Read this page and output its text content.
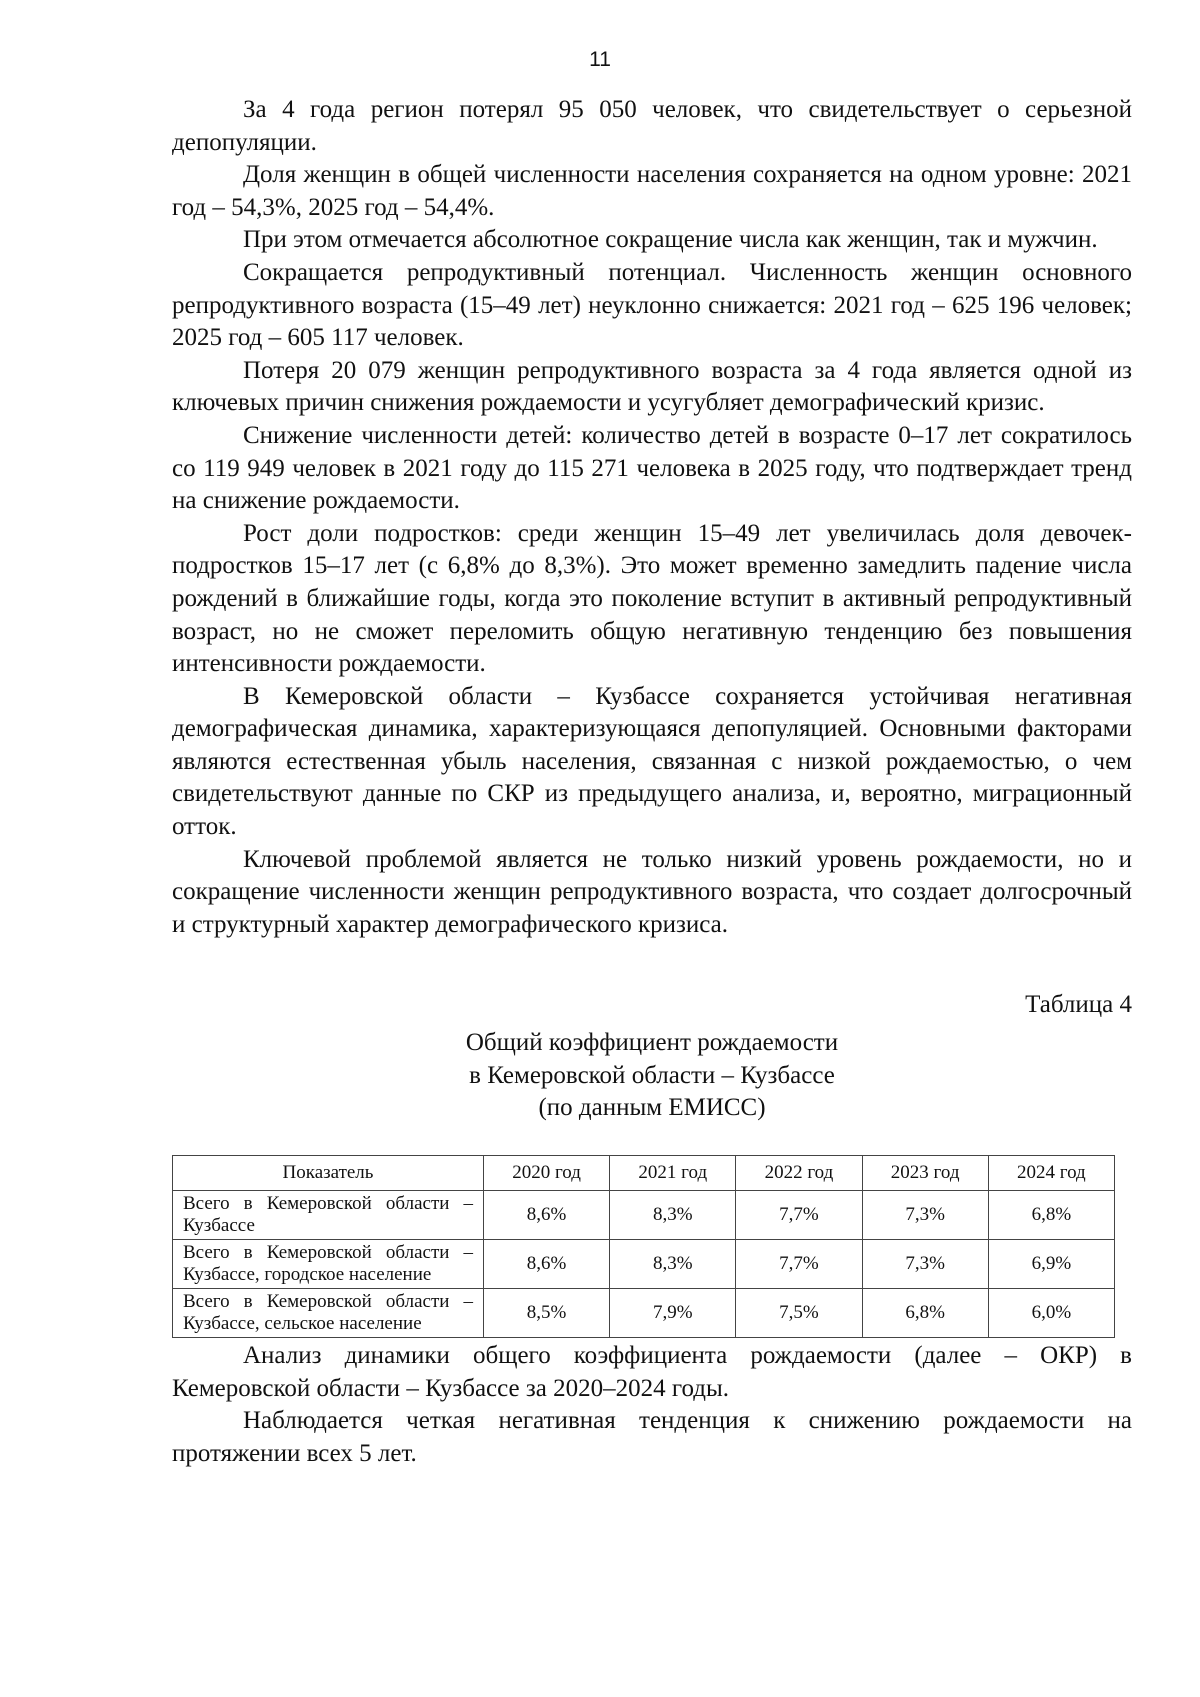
11

За 4 года регион потерял 95 050 человек, что свидетельствует о серьезной депопуляции.

Доля женщин в общей численности населения сохраняется на одном уровне: 2021 год – 54,3%, 2025 год – 54,4%.

При этом отмечается абсолютное сокращение числа как женщин, так и мужчин.

Сокращается репродуктивный потенциал. Численность женщин основного репродуктивного возраста (15–49 лет) неуклонно снижается: 2021 год – 625 196 человек; 2025 год – 605 117 человек.

Потеря 20 079 женщин репродуктивного возраста за 4 года является одной из ключевых причин снижения рождаемости и усугубляет демографический кризис.

Снижение численности детей: количество детей в возрасте 0–17 лет сократилось со 119 949 человек в 2021 году до 115 271 человека в 2025 году, что подтверждает тренд на снижение рождаемости.

Рост доли подростков: среди женщин 15–49 лет увеличилась доля девочек-подростков 15–17 лет (с 6,8% до 8,3%). Это может временно замедлить падение числа рождений в ближайшие годы, когда это поколение вступит в активный репродуктивный возраст, но не сможет переломить общую негативную тенденцию без повышения интенсивности рождаемости.

В Кемеровской области – Кузбассе сохраняется устойчивая негативная демографическая динамика, характеризующаяся депопуляцией. Основными факторами являются естественная убыль населения, связанная с низкой рождаемостью, о чем свидетельствуют данные по СКР из предыдущего анализа, и, вероятно, миграционный отток.

Ключевой проблемой является не только низкий уровень рождаемости, но и сокращение численности женщин репродуктивного возраста, что создает долгосрочный и структурный характер демографического кризиса.

Таблица 4

Общий коэффициент рождаемости
в Кемеровской области – Кузбассе
(по данным ЕМИСС)
Показатель	2020 год	2021 год	2022 год	2023 год	2024 год
Всего в Кемеровской области –Кузбассе	8,6%	8,3%	7,7%	7,3%	6,8%
Всего в Кемеровской области – Кузбассе, городское население	8,6%	8,3%	7,7%	7,3%	6,9%
Всего в Кемеровской области – Кузбассе, сельское население	8,5%	7,9%	7,5%	6,8%	6,0%

Анализ динамики общего коэффициента рождаемости (далее – ОКР) в Кемеровской области – Кузбассе за 2020–2024 годы.

Наблюдается четкая негативная тенденция к снижению рождаемости на протяжении всех 5 лет.
